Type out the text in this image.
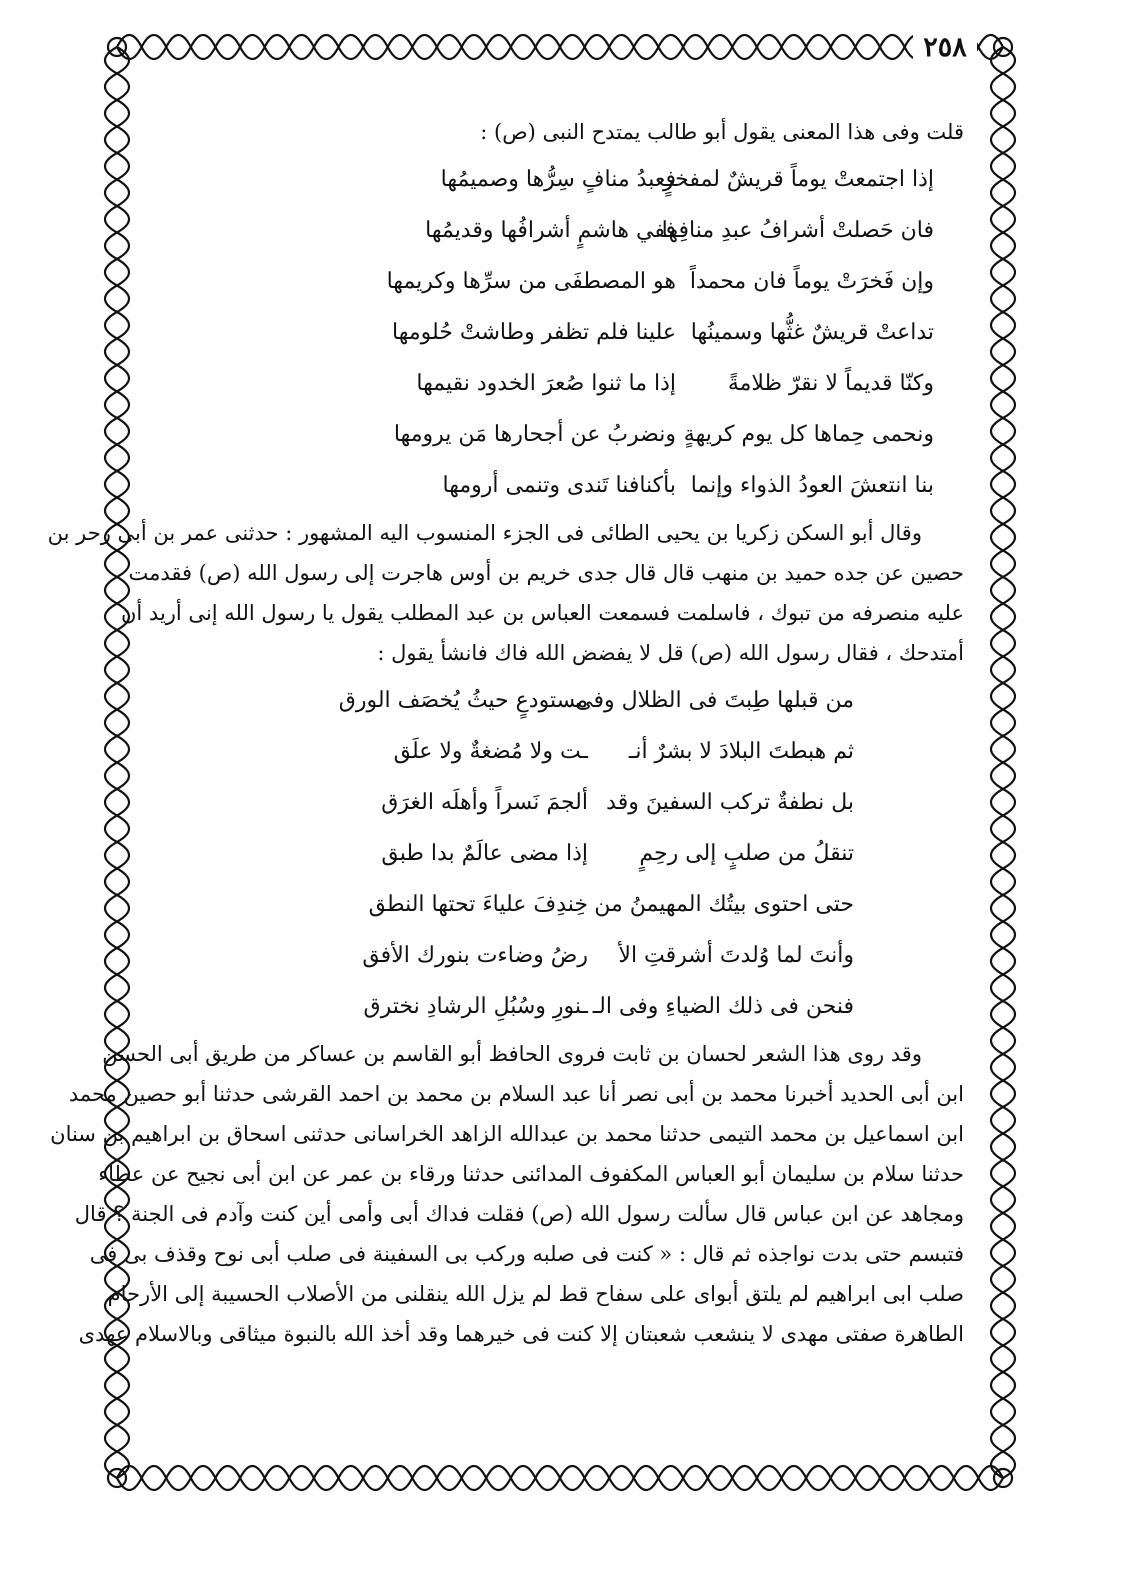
٢٥٨
قلت وفى هذا المعنى يقول أبو طالب يمتدح النبى (ص) :
إذا اجتمعتْ يوماً قريشٌ لمفخرٍ
فعبدُ منافٍ سِرُّها وصميمُها
فان حَصلتْ أشرافُ عبدِ منافِها
ففي هاشمٍ أشرافُها وقديمُها
وإن فَخرَتْ يوماً فان محمداً
هو المصطفَى من سرِّها وكريمها
تداعتْ قريشٌ غثُّها وسمينُها
علينا فلم تظفر وطاشتْ حُلومها
وكنّا قديماً لا نقرّ ظلامةً
إذا ما ثنوا صُعرَ الخدود نقيمها
ونحمى حِماها كل يوم كريهةٍ
ونضربُ عن أجحارها مَن يرومها
بنا انتعشَ العودُ الذواء وإنما
بأكنافنا تَندى وتنمى أرومها
وقال أبو السكن زكريا بن يحيى الطائى فى الجزء المنسوب اليه المشهور : حدثنى عمر بن أبى زحر بن
حصين عن جده حميد بن منهب قال قال جدى خريم بن أوس هاجرت إلى رسول الله (ص) فقدمت
عليه منصرفه من تبوك ، فاسلمت فسمعت العباس بن عبد المطلب يقول يا رسول الله إنى أريد أن
أمتدحك ، فقال رسول الله (ص) قل لا يفضض الله فاك فانشأ يقول :
من قبلها طِبتَ فى الظلال وفى
مستودعٍ حيثُ يُخصَف الورق
ثم هبطتَ البلادَ لا بشرٌ أنـ
ـت ولا مُضغةٌ ولا علَق
بل نطفةٌ تركب السفينَ وقد
ألجمَ نَسراً وأهلَه الغرَق
تنقلُ من صلبٍ إلى رحِمٍ
إذا مضى عالَمٌ بدا طبق
حتى احتوى بيتُك المهيمنُ من
خِندِفَ علياءَ تحتها النطق
وأنتَ لما وُلدتَ أشرقتِ الأ
رضُ وضاءت بنورك الأفق
فنحن فى ذلك الضياءِ وفى الـ
ـنورِ وسُبُلِ الرشادِ نخترق
وقد روى هذا الشعر لحسان بن ثابت فروى الحافظ أبو القاسم بن عساكر من طريق أبى الحسن
ابن أبى الحديد أخبرنا محمد بن أبى نصر أنا عبد السلام بن محمد بن احمد القرشى حدثنا أبو حصين محمد
ابن اسماعيل بن محمد التيمى حدثنا محمد بن عبدالله الزاهد الخراسانى حدثنى اسحاق بن ابراهيم بن سنان
حدثنا سلام بن سليمان أبو العباس المكفوف المدائنى حدثنا ورقاء بن عمر عن ابن أبى نجيح عن عطاء
ومجاهد عن ابن عباس قال سألت رسول الله (ص) فقلت فداك أبى وأمى أين كنت وآدم فى الجنة ؟ قال
فتبسم حتى بدت نواجذه ثم قال : « كنت فى صلبه وركب بى السفينة فى صلب أبى نوح وقذف بى فى
صلب ابى ابراهيم لم يلتق أبواى على سفاح قط لم يزل الله ينقلنى من الأصلاب الحسيبة إلى الأرحام
الطاهرة صفتى مهدى لا ينشعب شعبتان إلا كنت فى خيرهما وقد أخذ الله بالنبوة ميثاقى وبالاسلام عهدى
